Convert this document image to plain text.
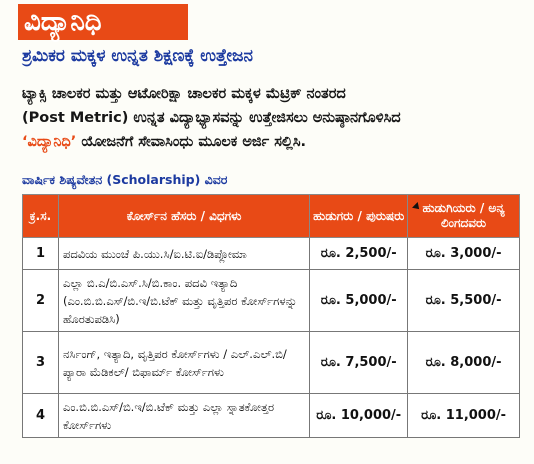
ವಿದ್ಯಾನಿಧಿ
ಶ್ರಮಿಕರ ಮಕ್ಕಳ ಉನ್ನತ ಶಿಕ್ಷಣಕ್ಕೆ ಉತ್ತೇಜನ
ಟ್ಯಾಕ್ಸಿ ಚಾಲಕರ ಮತ್ತು ಆಟೋರಿಕ್ಷಾ ಚಾಲಕರ ಮಕ್ಕಳ ಮೆಟ್ರಿಕ್ ನಂತರದ
(Post Metric) ಉನ್ನತ ವಿದ್ಯಾಭ್ಯಾಸವನ್ನು ಉತ್ತೇಜಿಸಲು ಅನುಷ್ಠಾನಗೊಳಿಸಿದ
‘ವಿದ್ಯಾನಿಧಿ’ ಯೋಜನೆಗೆ ಸೇವಾಸಿಂಧು ಮೂಲಕ ಅರ್ಜಿ ಸಲ್ಲಿಸಿ.
ವಾರ್ಷಿಕ ಶಿಷ್ಯವೇತನ (Scholarship) ವಿವರ
ಕ್ರ.ಸ.	ಕೋರ್ಸ್‌ನ ಹೆಸರು / ವಿಧಗಳು	ಹುಡುಗರು / ಪುರುಷರು	ಹುಡುಗಿಯರು / ಅನ್ಯ ಲಿಂಗದವರು
1	ಪದವಿಯ ಮುಂಚೆ ಪಿ.ಯು.ಸಿ/ಐ.ಟಿ.ಐ/ಡಿಪ್ಲೋಮಾ	ರೂ. 2,500/-	ರೂ. 3,000/-
2	ಎಲ್ಲಾ ಬಿ.ಎ/ಬಿ.ಎಸ್.ಸಿ/ಬಿ.ಕಾಂ. ಪದವಿ ಇತ್ಯಾದಿ (ಎಂ.ಬಿ.ಬಿ.ಎಸ್/ಬಿ.ಇ/ಬಿ.ಟೆಕ್ ಮತ್ತು ವೃತ್ತಿಪರ ಕೋರ್ಸ್‌ಗಳನ್ನು ಹೊರತುಪಡಿಸಿ)	ರೂ. 5,000/-	ರೂ. 5,500/-
3	ನರ್ಸಿಂಗ್, ಇತ್ಯಾದಿ, ವೃತ್ತಿಪರ ಕೋರ್ಸ್‌ಗಳು / ಎಲ್.ಎಲ್.ಬಿ/ಪ್ಯಾರಾ ಮೆಡಿಕಲ್/ ಬಿಫಾರ್ಮ್ ಕೋರ್ಸ್‌ಗಳು	ರೂ. 7,500/-	ರೂ. 8,000/-
4	ಎಂ.ಬಿ.ಬಿ.ಎಸ್/ಬಿ.ಇ/ಬಿ.ಟೆಕ್ ಮತ್ತು ಎಲ್ಲಾ ಸ್ನಾತಕೋತ್ತರ ಕೋರ್ಸ್‌ಗಳು	ರೂ. 10,000/-	ರೂ. 11,000/-
